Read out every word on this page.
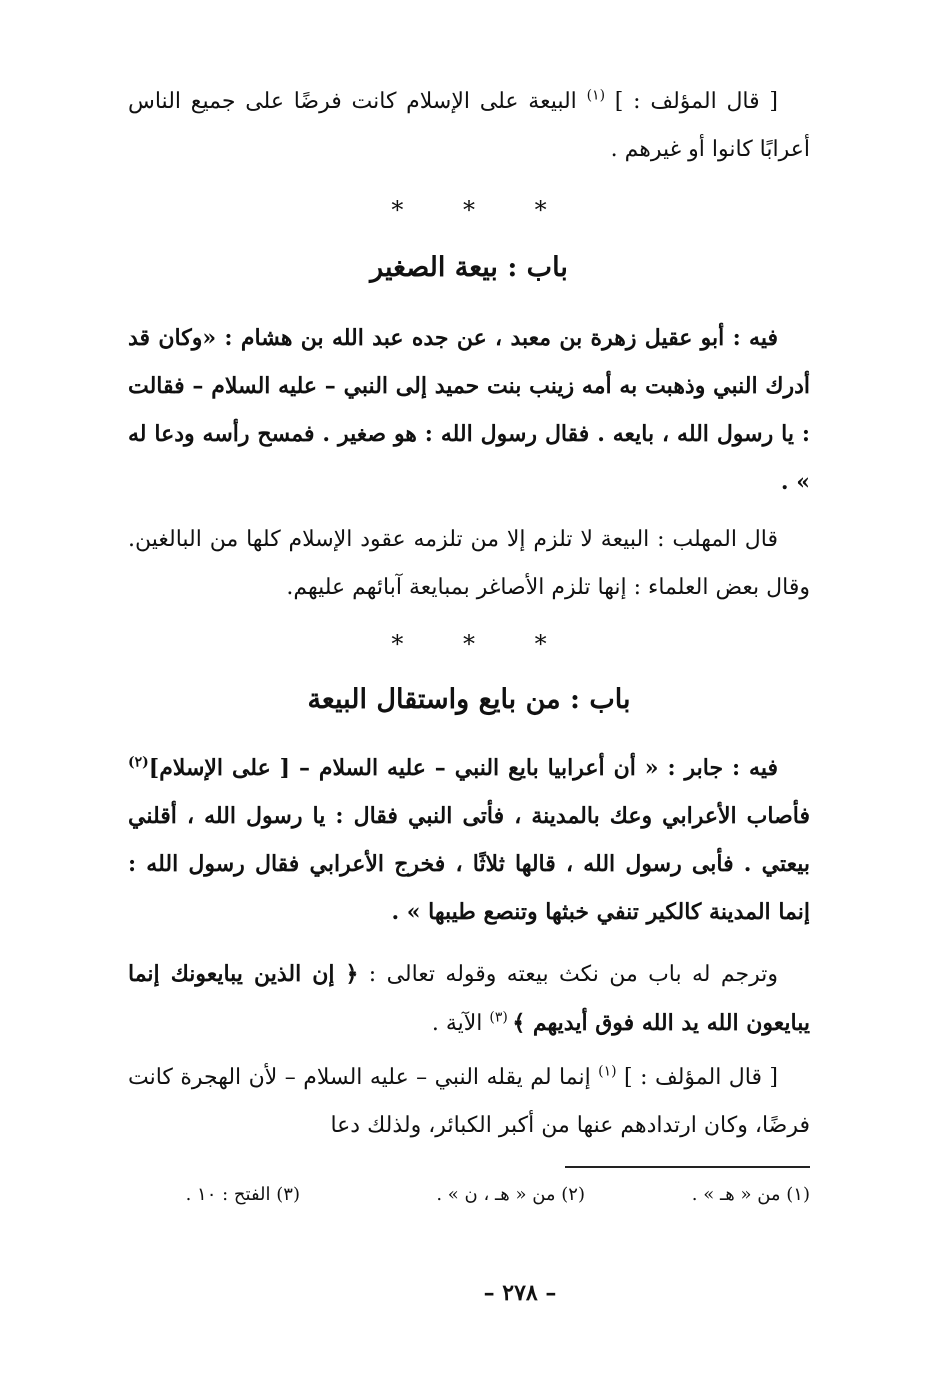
[ قال المؤلف : ] $^{(١)}$ البيعة على الإسلام كانت فرضًا على جميع الناس أعرابًا كانوا أو غيرهم .

* * *
باب : بيعة الصغير

فيه : أبو عقيل زهرة بن معبد ، عن جده عبد الله بن هشام : «وكان قد أدرك النبي وذهبت به أمه زينب بنت حميد إلى النبي – عليه السلام – فقالت : يا رسول الله ، بايعه . فقال رسول الله : هو صغير . فمسح رأسه ودعا له » .

قال المهلب : البيعة لا تلزم إلا من تلزمه عقود الإسلام كلها من البالغين. وقال بعض العلماء : إنها تلزم الأصاغر بمبايعة آبائهم عليهم.

* * *
باب : من بايع واستقال البيعة

فيه : جابر : « أن أعرابيا بايع النبي – عليه السلام – [ على الإسلام]$^{(٢)}$ فأصاب الأعرابي وعك بالمدينة ، فأتى النبي فقال : يا رسول الله ، أقلني بيعتي . فأبى رسول الله ، قالها ثلاثًا ، فخرج الأعرابي فقال رسول الله : إنما المدينة كالكير تنفي خبثها وتنصع طيبها » .

وترجم له باب من نكث بيعته وقوله تعالى : ﴿ إن الذين يبايعونك إنما يبايعون الله يد الله فوق أيديهم ﴾ $^{(٣)}$ الآية .

[ قال المؤلف : ] $^{(١)}$ إنما لم يقله النبي – عليه السلام – لأن الهجرة كانت فرضًا، وكان ارتدادهم عنها من أكبر الكبائر، ولذلك دعا

(١) من « هـ » .
(٢) من « هـ ، ن » .
(٣) الفتح : ١٠ .
– ٢٧٨ –
